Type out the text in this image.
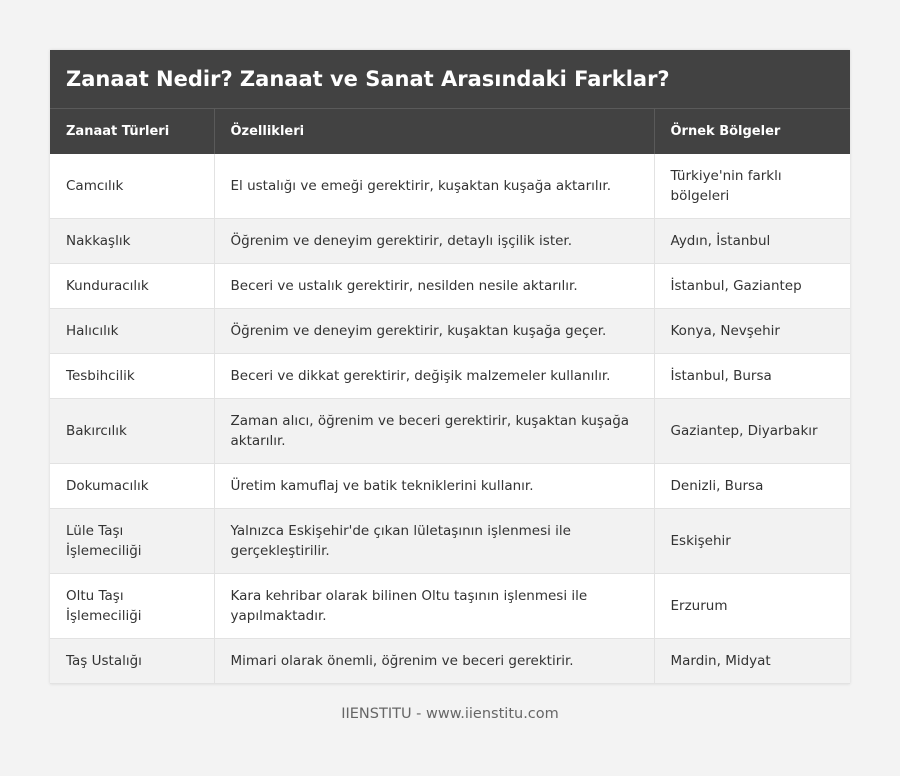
Zanaat Nedir? Zanaat ve Sanat Arasındaki Farklar?
Zanaat Türleri	Özellikleri	Örnek Bölgeler
Camcılık	El ustalığı ve emeği gerektirir, kuşaktan kuşağa aktarılır.	Türkiye'nin farklı bölgeleri
Nakkaşlık	Öğrenim ve deneyim gerektirir, detaylı işçilik ister.	Aydın, İstanbul
Kunduracılık	Beceri ve ustalık gerektirir, nesilden nesile aktarılır.	İstanbul, Gaziantep
Halıcılık	Öğrenim ve deneyim gerektirir, kuşaktan kuşağa geçer.	Konya, Nevşehir
Tesbihcilik	Beceri ve dikkat gerektirir, değişik malzemeler kullanılır.	İstanbul, Bursa
Bakırcılık	Zaman alıcı, öğrenim ve beceri gerektirir, kuşaktan kuşağa aktarılır.	Gaziantep, Diyarbakır
Dokumacılık	Üretim kamuflaj ve batik tekniklerini kullanır.	Denizli, Bursa
Lüle Taşı İşlemeciliği	Yalnızca Eskişehir'de çıkan lületaşının işlenmesi ile gerçekleştirilir.	Eskişehir
Oltu Taşı İşlemeciliği	Kara kehribar olarak bilinen Oltu taşının işlenmesi ile yapılmaktadır.	Erzurum
Taş Ustalığı	Mimari olarak önemli, öğrenim ve beceri gerektirir.	Mardin, Midyat
IIENSTITU - www.iienstitu.com
